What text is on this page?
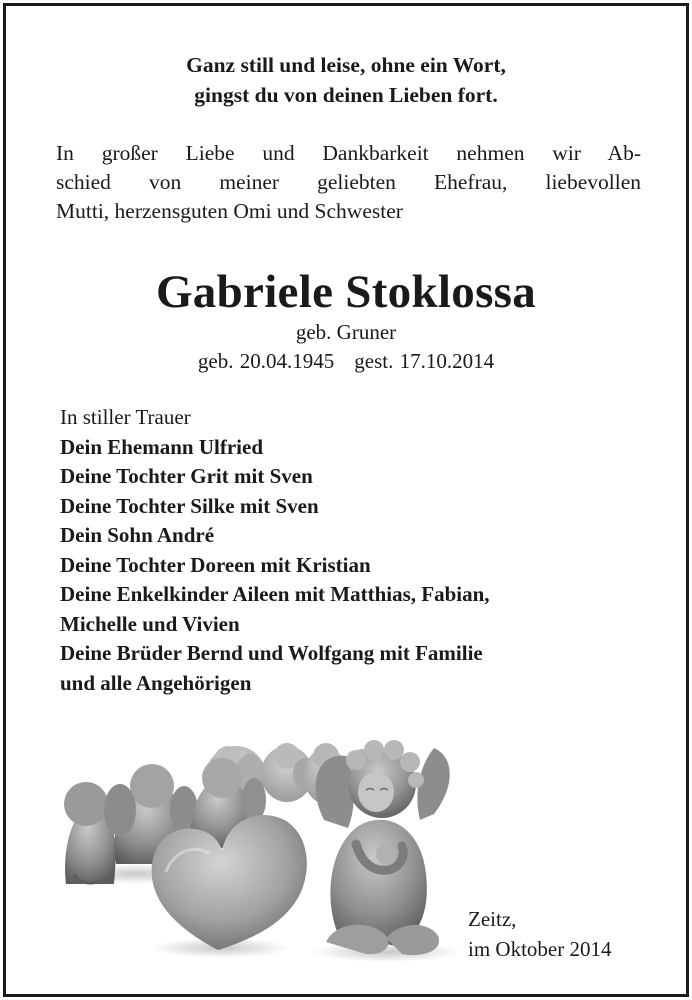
Ganz still und leise, ohne ein Wort,
gingst du von deinen Lieben fort.
In großer Liebe und Dankbarkeit nehmen wir Ab-
schied von meiner geliebten Ehefrau, liebevollen
Mutti, herzensguten Omi und Schwester
Gabriele Stoklossa
geb. Gruner
geb. 20.04.1945 gest. 17.10.2014
In stiller Trauer
Dein Ehemann Ulfried
Deine Tochter Grit mit Sven
Deine Tochter Silke mit Sven
Dein Sohn André
Deine Tochter Doreen mit Kristian
Deine Enkelkinder Aileen mit Matthias, Fabian,
Michelle und Vivien
Deine Brüder Bernd und Wolfgang mit Familie
und alle Angehörigen
Zeitz,
im Oktober 2014
